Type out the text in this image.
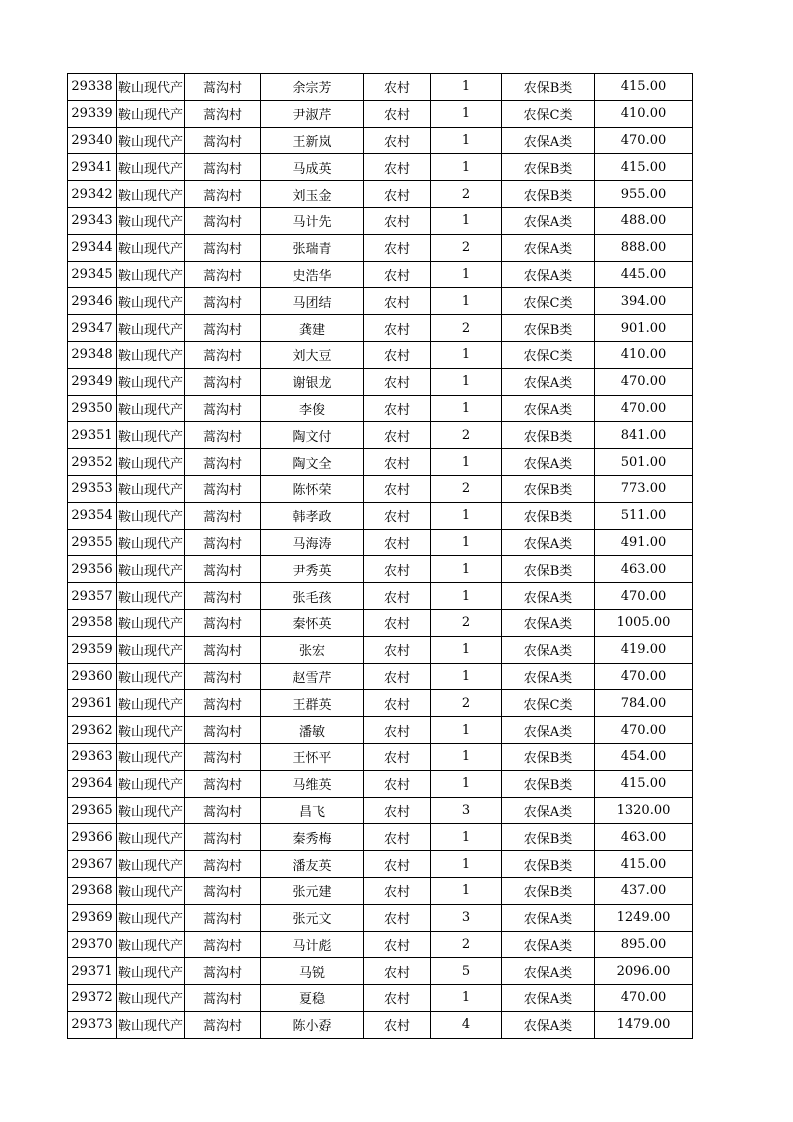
29338	鞍山现代产	蒿沟村	余宗芳	农村	1	农保B类	415.00
29339	鞍山现代产	蒿沟村	尹淑芹	农村	1	农保C类	410.00
29340	鞍山现代产	蒿沟村	王新岚	农村	1	农保A类	470.00
29341	鞍山现代产	蒿沟村	马成英	农村	1	农保B类	415.00
29342	鞍山现代产	蒿沟村	刘玉金	农村	2	农保B类	955.00
29343	鞍山现代产	蒿沟村	马计先	农村	1	农保A类	488.00
29344	鞍山现代产	蒿沟村	张瑞青	农村	2	农保A类	888.00
29345	鞍山现代产	蒿沟村	史浩华	农村	1	农保A类	445.00
29346	鞍山现代产	蒿沟村	马团结	农村	1	农保C类	394.00
29347	鞍山现代产	蒿沟村	龚建	农村	2	农保B类	901.00
29348	鞍山现代产	蒿沟村	刘大豆	农村	1	农保C类	410.00
29349	鞍山现代产	蒿沟村	谢银龙	农村	1	农保A类	470.00
29350	鞍山现代产	蒿沟村	李俊	农村	1	农保A类	470.00
29351	鞍山现代产	蒿沟村	陶文付	农村	2	农保B类	841.00
29352	鞍山现代产	蒿沟村	陶文全	农村	1	农保A类	501.00
29353	鞍山现代产	蒿沟村	陈怀荣	农村	2	农保B类	773.00
29354	鞍山现代产	蒿沟村	韩孝政	农村	1	农保B类	511.00
29355	鞍山现代产	蒿沟村	马海涛	农村	1	农保A类	491.00
29356	鞍山现代产	蒿沟村	尹秀英	农村	1	农保B类	463.00
29357	鞍山现代产	蒿沟村	张毛孩	农村	1	农保A类	470.00
29358	鞍山现代产	蒿沟村	秦怀英	农村	2	农保A类	1005.00
29359	鞍山现代产	蒿沟村	张宏	农村	1	农保A类	419.00
29360	鞍山现代产	蒿沟村	赵雪芹	农村	1	农保A类	470.00
29361	鞍山现代产	蒿沟村	王群英	农村	2	农保C类	784.00
29362	鞍山现代产	蒿沟村	潘敏	农村	1	农保A类	470.00
29363	鞍山现代产	蒿沟村	王怀平	农村	1	农保B类	454.00
29364	鞍山现代产	蒿沟村	马维英	农村	1	农保B类	415.00
29365	鞍山现代产	蒿沟村	昌飞	农村	3	农保A类	1320.00
29366	鞍山现代产	蒿沟村	秦秀梅	农村	1	农保B类	463.00
29367	鞍山现代产	蒿沟村	潘友英	农村	1	农保B类	415.00
29368	鞍山现代产	蒿沟村	张元建	农村	1	农保B类	437.00
29369	鞍山现代产	蒿沟村	张元文	农村	3	农保A类	1249.00
29370	鞍山现代产	蒿沟村	马计彪	农村	2	农保A类	895.00
29371	鞍山现代产	蒿沟村	马锐	农村	5	农保A类	2096.00
29372	鞍山现代产	蒿沟村	夏稳	农村	1	农保A类	470.00
29373	鞍山现代产	蒿沟村	陈小孬	农村	4	农保A类	1479.00
